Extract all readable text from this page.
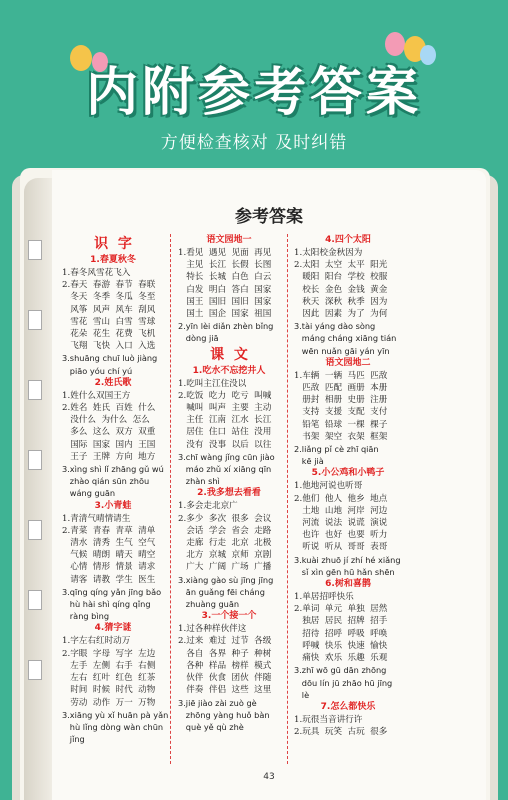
内附参考答案
方便检查核对 及时纠错
参考答案

识  字

1.春夏秋冬

1.春冬风雪花飞入

2.春天  春游  春节  春联

冬天  冬季  冬瓜  冬至

风筝  风声  风车  刮风

雪花  雪山  白雪  雪球

花朵  花生  花费  飞机

飞翔  飞快  入口  入选

3.shuāng chuī luò jiàng

piāo yóu chí yú

2.姓氏歌

1.姓什么双国王方

2.姓名  姓氏  百姓  什么

没什么  为什么  怎么

多么  这么  双方  双重

国际  国家  国内  王国

王子  王牌  方向  地方

3.xìng shì lǐ zhāng gǔ wú

zhào qián sūn zhōu

wáng guān

3.小青蛙

1.青清气晴情请生

2.青菜  青春  青草  清单

清水  清秀  生气  空气

气候  晴朗  晴天  晴空

心情  情形  情景  请求

请客  请教  学生  医生

3.qīng qíng yǎn jīng bǎo

hù hài shì qíng qǐng

ràng bìng

4.猜字谜

1.字左右红时动万

2.字眼  字母  写字  左边

左手  左侧  右手  右侧

左右  红叶  红色  红茶

时间  时候  时代  动物

劳动  动作  万一  万物

3.xiāng yù xǐ huān pà yǎn

hù lǐng dòng wàn chūn

jǐng

语文园地一

1.看见  遇见  见面  再见

主见  长江  长假  长图

特长  长城  白色  白云

白发  明白  答白  国家

国王  国旧  国旧  国家

国土  国企  国家  祖国

2.yīn lèi diǎn zhèn bǐng

dòng jiā

课  文

1.吃水不忘挖井人

1.吃叫主江住没以

2.吃饭  吃力  吃亏  叫喊

喊叫  叫声  主要  主动

主任  江南  江水  长江

居住  住口  站住  没用

没有  没事  以后  以往

3.chī wàng jǐng cūn jiào

máo zhǔ xí xiāng qīn

zhàn shì

2.我多想去看看

1.多会走北京广

2.多少  多次  很多  会议

会话  学会  省会  走路

走廊  行走  北京  北极

北方  京城  京师  京剧

广大  广阔  广场  广播

3.xiàng gào sù jīng jīng

ān guǎng fēi cháng

zhuàng guān

3.一个接一个

1.过各种样伙伴这

2.过来  难过  过节  各级

各自  各界  种子  种树

各种  样品  榜样  模式

伙伴  伙食  团伙  伴随

伴奏  伴侣  这些  这里

3.jiē jiào zài zuò gè

zhōng yàng huǒ bàn

què yě qù zhè

4.四个太阳

1.太阳校金秋因为

2.太阳  太空  太平  阳光

暖阳  阳台  学校  校服

校长  金色  金钱  黄金

秋天  深秋  秋季  因为

因此  因素  为了  为何

3.tài yáng dào sòng

máng cháng xiāng tián

wēn nuǎn gāi yán yīn

语文园地二

1.车辆  一辆  马匹  匹敌

匹敌  匹配  画册  本册

册封  相册  史册  注册

支持  支援  支配  支付

铅笔  铅球  一棵  棵子

书架  架空  衣架  框架

2.liǎng pǐ cè zhī qiān

kē jià

5.小公鸡和小鸭子

1.他地河说也听哥

2.他们  他人  他乡  地点

土地  山地  河岸  河边

河流  说法  说谎  演说

也许  也好  也要  听力

听说  听从  哥哥  表哥

3.kuài zhuō jí zhí hé xiǎng

sǐ xìn gēn hū hǎn shēn

6.树和喜鹊

1.单居招呼快乐

2.单词  单元  单独  居然

独居  居民  招牌  招手

招待  招呼  呼吸  呼唤

呼喊  快乐  快速  愉快

痛快  欢乐  乐趣  乐观

3.zhī wō gū dān zhōng

dōu lín jū zhāo hū jīng

lè

7.怎么都快乐

1.玩很当音讲行许

2.玩具  玩笑  古玩  很多

43
